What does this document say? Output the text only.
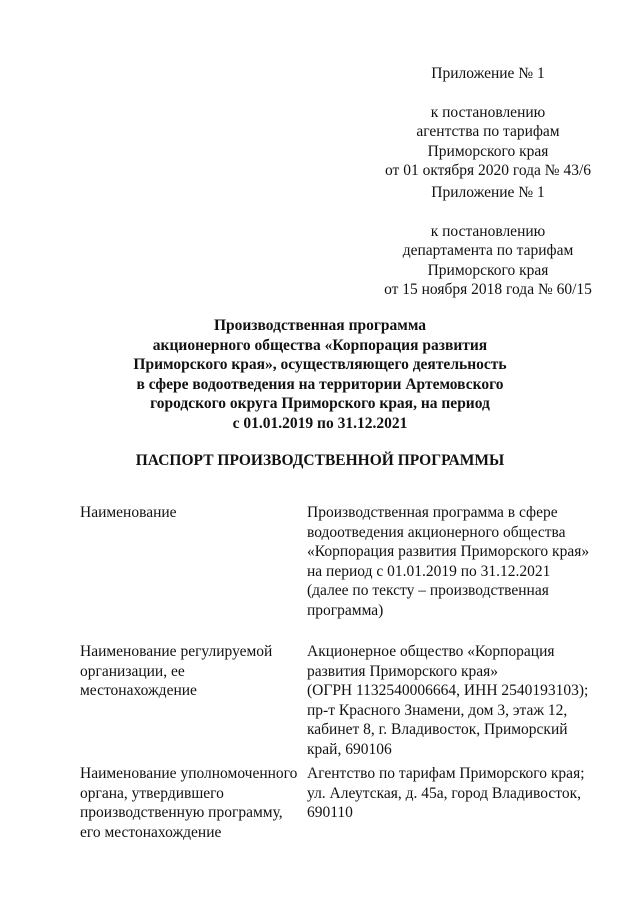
Приложение № 1
к постановлению
агентства по тарифам
Приморского края
от 01 октября 2020 года № 43/6
Приложение № 1
к постановлению
департамента по тарифам
Приморского края
от 15 ноября 2018 года № 60/15
Производственная программа
акционерного общества «Корпорация развития
Приморского края», осуществляющего деятельность
в сфере водоотведения на территории Артемовского
городского округа Приморского края, на период
с 01.01.2019 по 31.12.2021
ПАСПОРТ ПРОИЗВОДСТВЕННОЙ ПРОГРАММЫ
Наименование	Производственная программа в сфере
водоотведения акционерного общества
«Корпорация развития Приморского края»
на период с 01.01.2019 по 31.12.2021
(далее по тексту – производственная
программа)
Наименование регулируемой
организации, ее
местонахождение
Акционерное общество «Корпорация
развития Приморского края»
(ОГРН 1132540006664, ИНН 2540193103);
пр-т Красного Знамени, дом 3, этаж 12,
кабинет 8, г. Владивосток, Приморский
край, 690106
Наименование уполномоченного
органа, утвердившего
производственную программу,
его местонахождение
Агентство по тарифам Приморского края;
ул. Алеутская, д. 45а, город Владивосток,
690110
